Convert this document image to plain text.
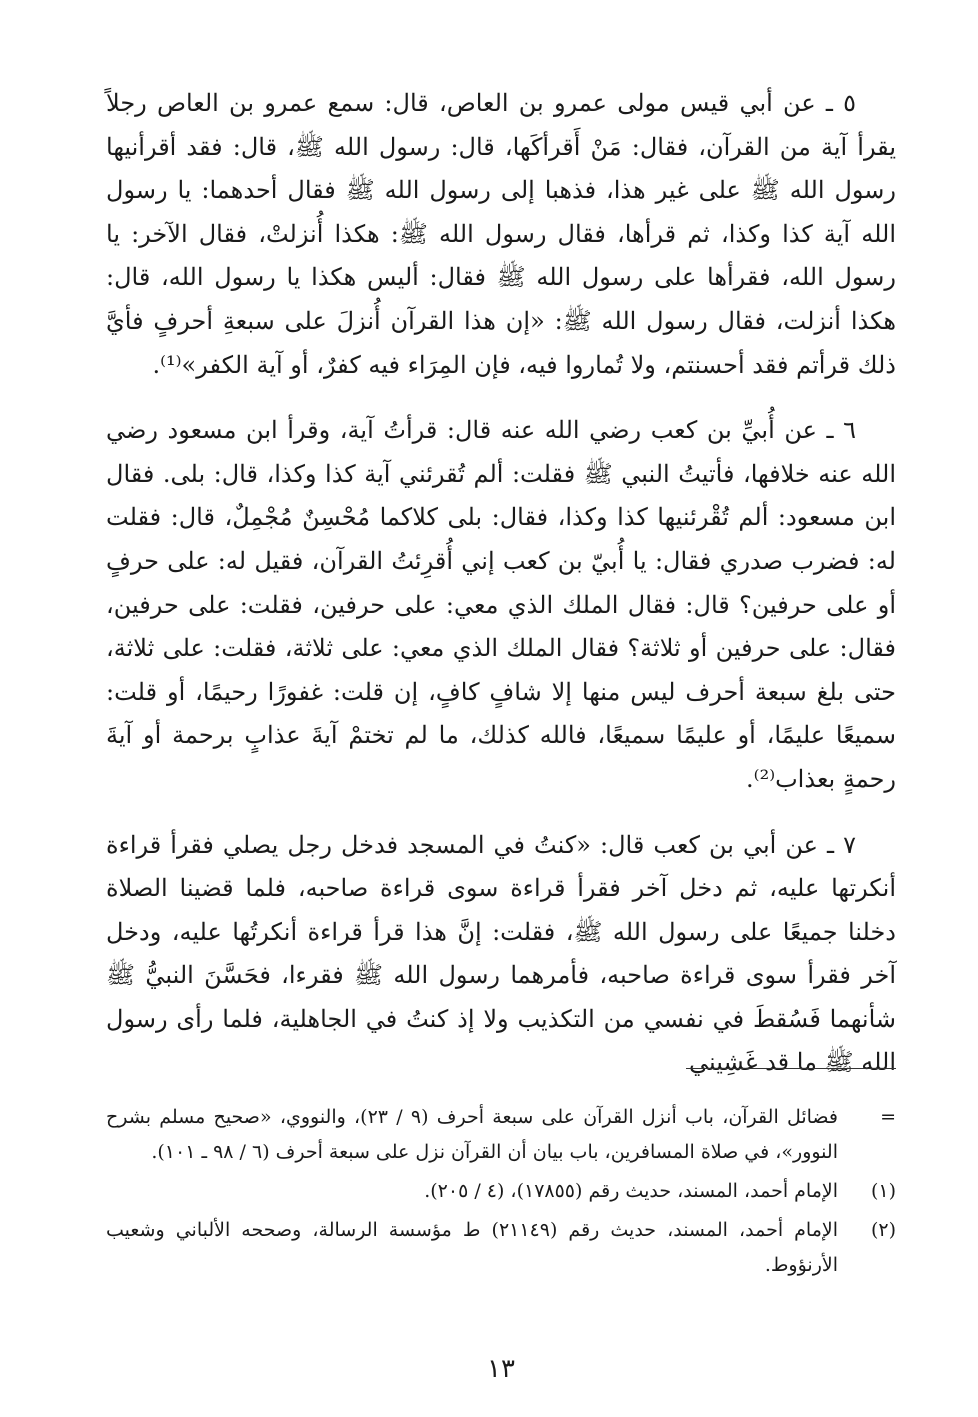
٥ ـ عن أبي قيس مولى عمرو بن العاص، قال: سمع عمرو بن العاص رجلاً يقرأ آية من القرآن، فقال: مَنْ أَقرأكَها، قال: رسول الله ﷺ، قال: فقد أقرأنيها رسول الله ﷺ على غير هذا، فذهبا إلى رسول الله ﷺ فقال أحدهما: يا رسول الله آية كذا وكذا، ثم قرأها، فقال رسول الله ﷺ: هكذا أُنزلتْ، فقال الآخر: يا رسول الله، فقرأها على رسول الله ﷺ فقال: أليس هكذا يا رسول الله، قال: هكذا أنزلت، فقال رسول الله ﷺ: «إن هذا القرآن أُنزلَ على سبعةِ أحرفٍ فأيَّ ذلك قرأتم فقد أحسنتم، ولا تُماروا فيه، فإن المِرَاء فيه كفرٌ، أو آية الكفر»⁽¹⁾.

٦ ـ عن أُبيِّ بن كعب رضي الله عنه قال: قرأتُ آية، وقرأ ابن مسعود رضي الله عنه خلافها، فأتيتُ النبي ﷺ فقلت: ألم تُقرئني آية كذا وكذا، قال: بلى. فقال ابن مسعود: ألم تُقْرئنيها كذا وكذا، فقال: بلى كلاكما مُحْسِنٌ مُجْمِلٌ، قال: فقلت له: فضرب صدري فقال: يا أُبيّ بن كعب إني أُقرِئتُ القرآن، فقيل له: على حرفٍ أو على حرفين؟ قال: فقال الملك الذي معي: على حرفين، فقلت: على حرفين، فقال: على حرفين أو ثلاثة؟ فقال الملك الذي معي: على ثلاثة، فقلت: على ثلاثة، حتى بلغ سبعة أحرف ليس منها إلا شافٍ كافٍ، إن قلت: غفورًا رحيمًا، أو قلت: سميعًا عليمًا، أو عليمًا سميعًا، فالله كذلك، ما لم تختمْ آيةَ عذابٍ برحمة أو آيةَ رحمةٍ بعذاب⁽²⁾.

٧ ـ عن أبي بن كعب قال: «كنتُ في المسجد فدخل رجل يصلي فقرأ قراءة أنكرتها عليه، ثم دخل آخر فقرأ قراءة سوى قراءة صاحبه، فلما قضينا الصلاة دخلنا جميعًا على رسول الله ﷺ، فقلت: إنَّ هذا قرأ قراءة أنكرتُها عليه، ودخل آخر فقرأ سوى قراءة صاحبه، فأمرهما رسول الله ﷺ فقرءا، فحَسَّنَ النبيُّ ﷺ شأنهما فَسُقطَ في نفسي من التكذيب ولا إذ كنتُ في الجاهلية، فلما رأى رسول الله ﷺ ما قد غَشِيني

=
فضائل القرآن، باب أنزل القرآن على سبعة أحرف (٩ / ٢٣)، والنووي، «صحيح مسلم بشرح النوور»، في صلاة المسافرين، باب بيان أن القرآن نزل على سبعة أحرف (٦ / ٩٨ ـ ١٠١).
(١)
الإمام أحمد، المسند، حديث رقم (١٧٨٥٥)، (٤ / ٢٠٥).
(٢)
الإمام أحمد، المسند، حديث رقم (٢١١٤٩) ط مؤسسة الرسالة، وصححه الألباني وشعيب الأرنؤوط.
١٣
